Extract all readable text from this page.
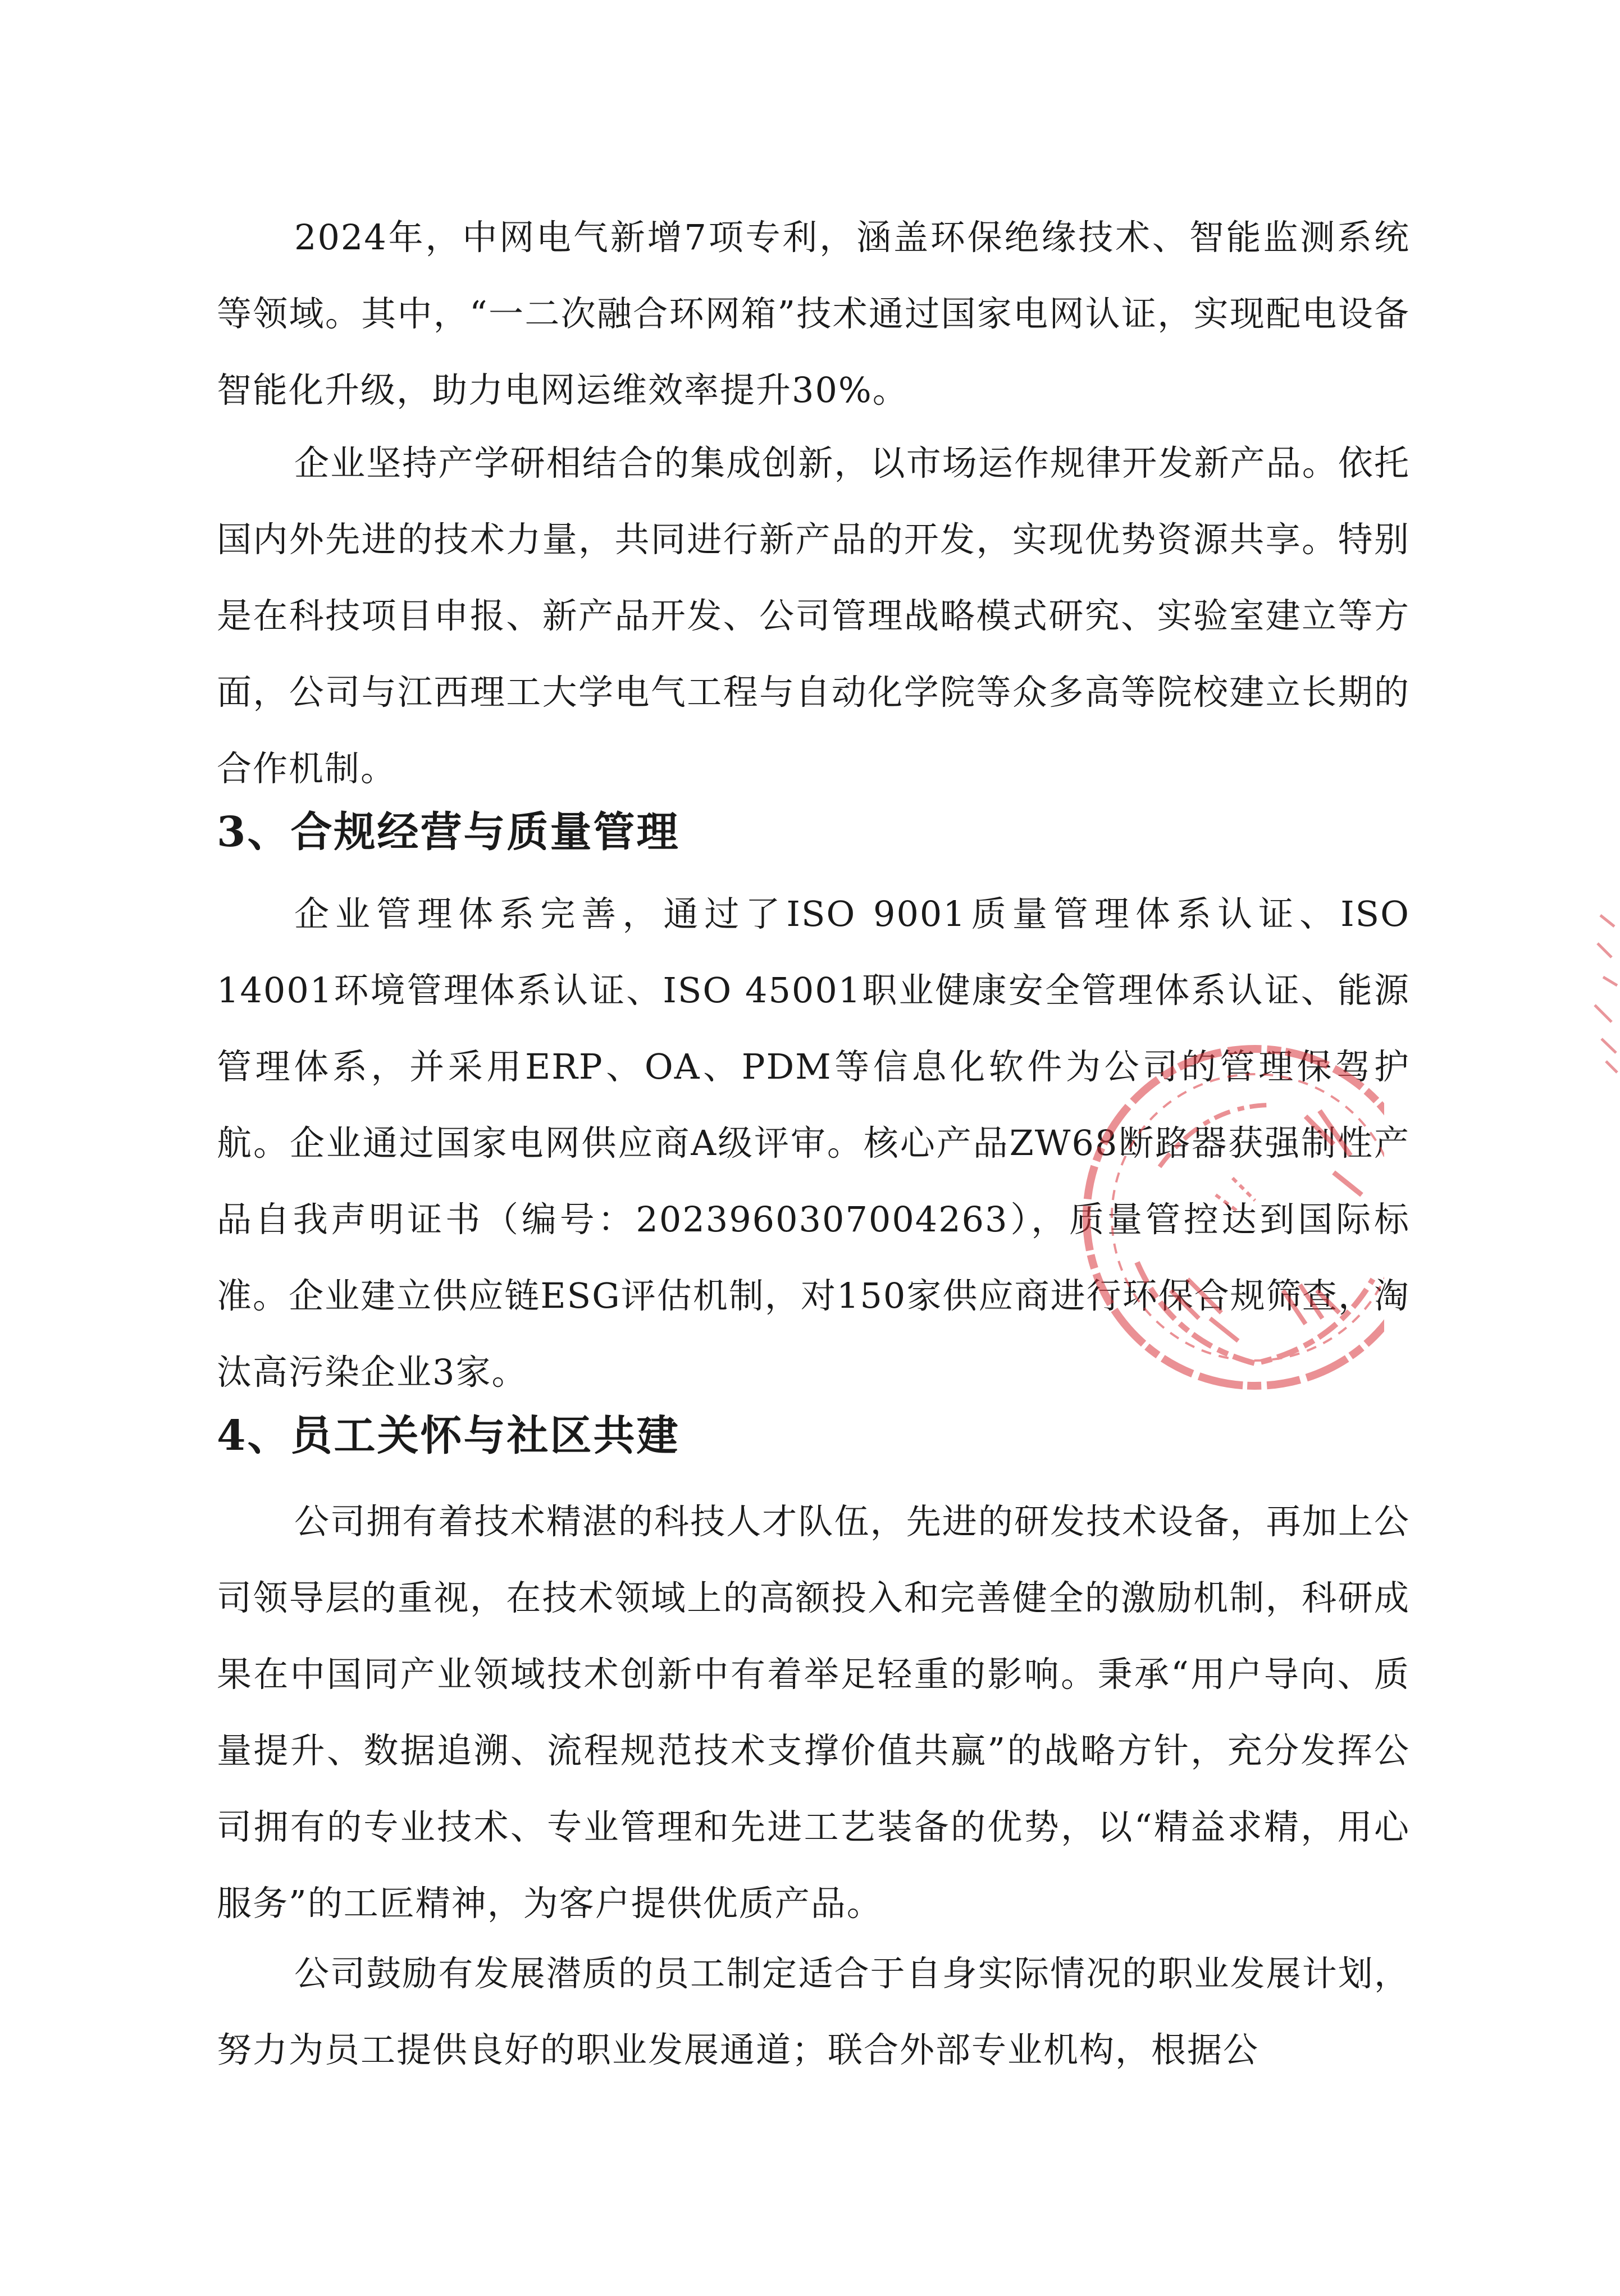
2024年，中网电气新增7项专利，涵盖环保绝缘技术、智能监测系统等领域。其中，“一二次融合环网箱”技术通过国家电网认证，实现配电设备智能化升级，助力电网运维效率提升30%。

企业坚持产学研相结合的集成创新，以市场运作规律开发新产品。依托国内外先进的技术力量，共同进行新产品的开发，实现优势资源共享。特别是在科技项目申报、新产品开发、公司管理战略模式研究、实验室建立等方面，公司与江西理工大学电气工程与自动化学院等众多高等院校建立长期的合作机制。

3、合规经营与质量管理

企业管理体系完善，通过了ISO 9001质量管理体系认证、ISO 14001环境管理体系认证、ISO 45001职业健康安全管理体系认证、能源管理体系，并采用ERP、OA、PDM等信息化软件为公司的管理保驾护航。企业通过国家电网供应商A级评审。核心产品ZW68断路器获强制性产品自我声明证书（编号：2023960307004263），质量管控达到国际标准。企业建立供应链ESG评估机制，对150家供应商进行环保合规筛查，淘汰高污染企业3家。

4、员工关怀与社区共建

公司拥有着技术精湛的科技人才队伍，先进的研发技术设备，再加上公司领导层的重视，在技术领域上的高额投入和完善健全的激励机制，科研成果在中国同产业领域技术创新中有着举足轻重的影响。秉承“用户导向、质量提升、数据追溯、流程规范技术支撑价值共赢”的战略方针，充分发挥公司拥有的专业技术、专业管理和先进工艺装备的优势，以“精益求精，用心服务”的工匠精神，为客户提供优质产品。

公司鼓励有发展潜质的员工制定适合于自身实际情况的职业发展计划，努力为员工提供良好的职业发展通道；联合外部专业机构，根据公
